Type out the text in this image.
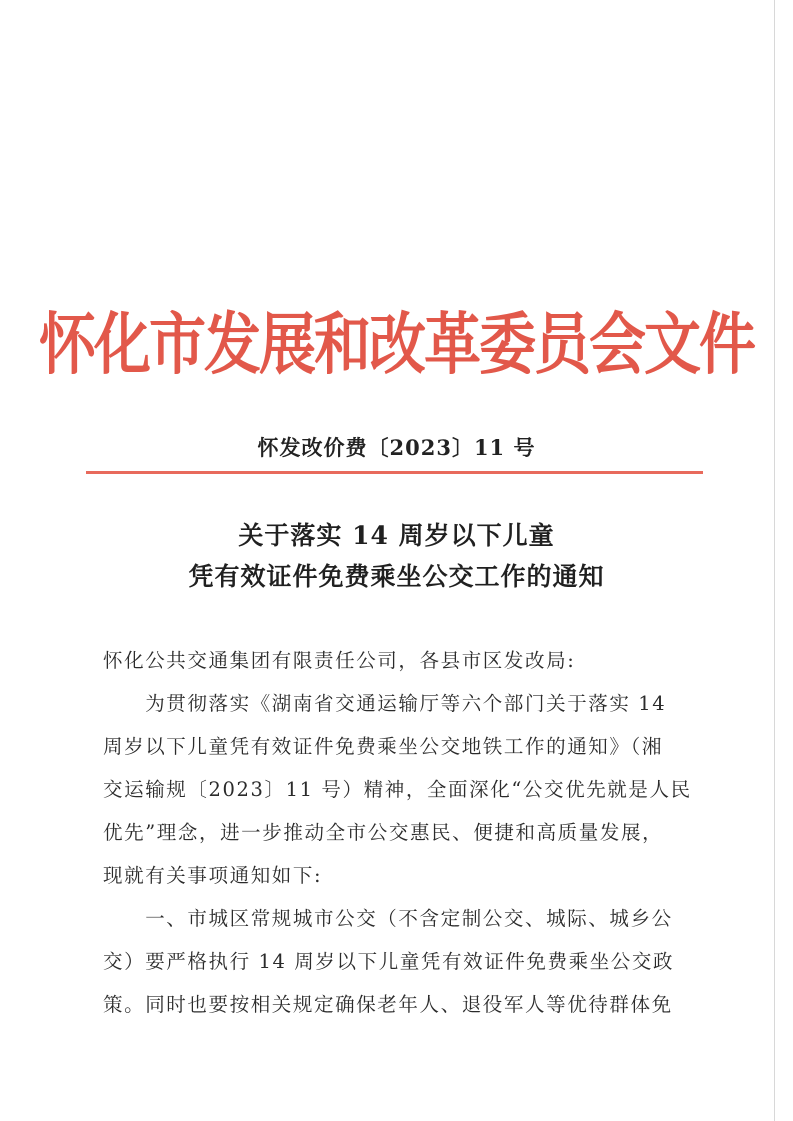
怀化市发展和改革委员会文件
怀发改价费〔2023〕11 号
关于落实 14 周岁以下儿童
凭有效证件免费乘坐公交工作的通知
怀化公共交通集团有限责任公司，各县市区发改局:
　　为贯彻落实《湖南省交通运输厅等六个部门关于落实 14
周岁以下儿童凭有效证件免费乘坐公交地铁工作的通知》（湘
交运输规〔2023〕11 号）精神，全面深化“公交优先就是人民
优先”理念，进一步推动全市公交惠民、便捷和高质量发展，
现就有关事项通知如下:
　　一、市城区常规城市公交（不含定制公交、城际、城乡公
交）要严格执行 14 周岁以下儿童凭有效证件免费乘坐公交政
策。同时也要按相关规定确保老年人、退役军人等优待群体免
